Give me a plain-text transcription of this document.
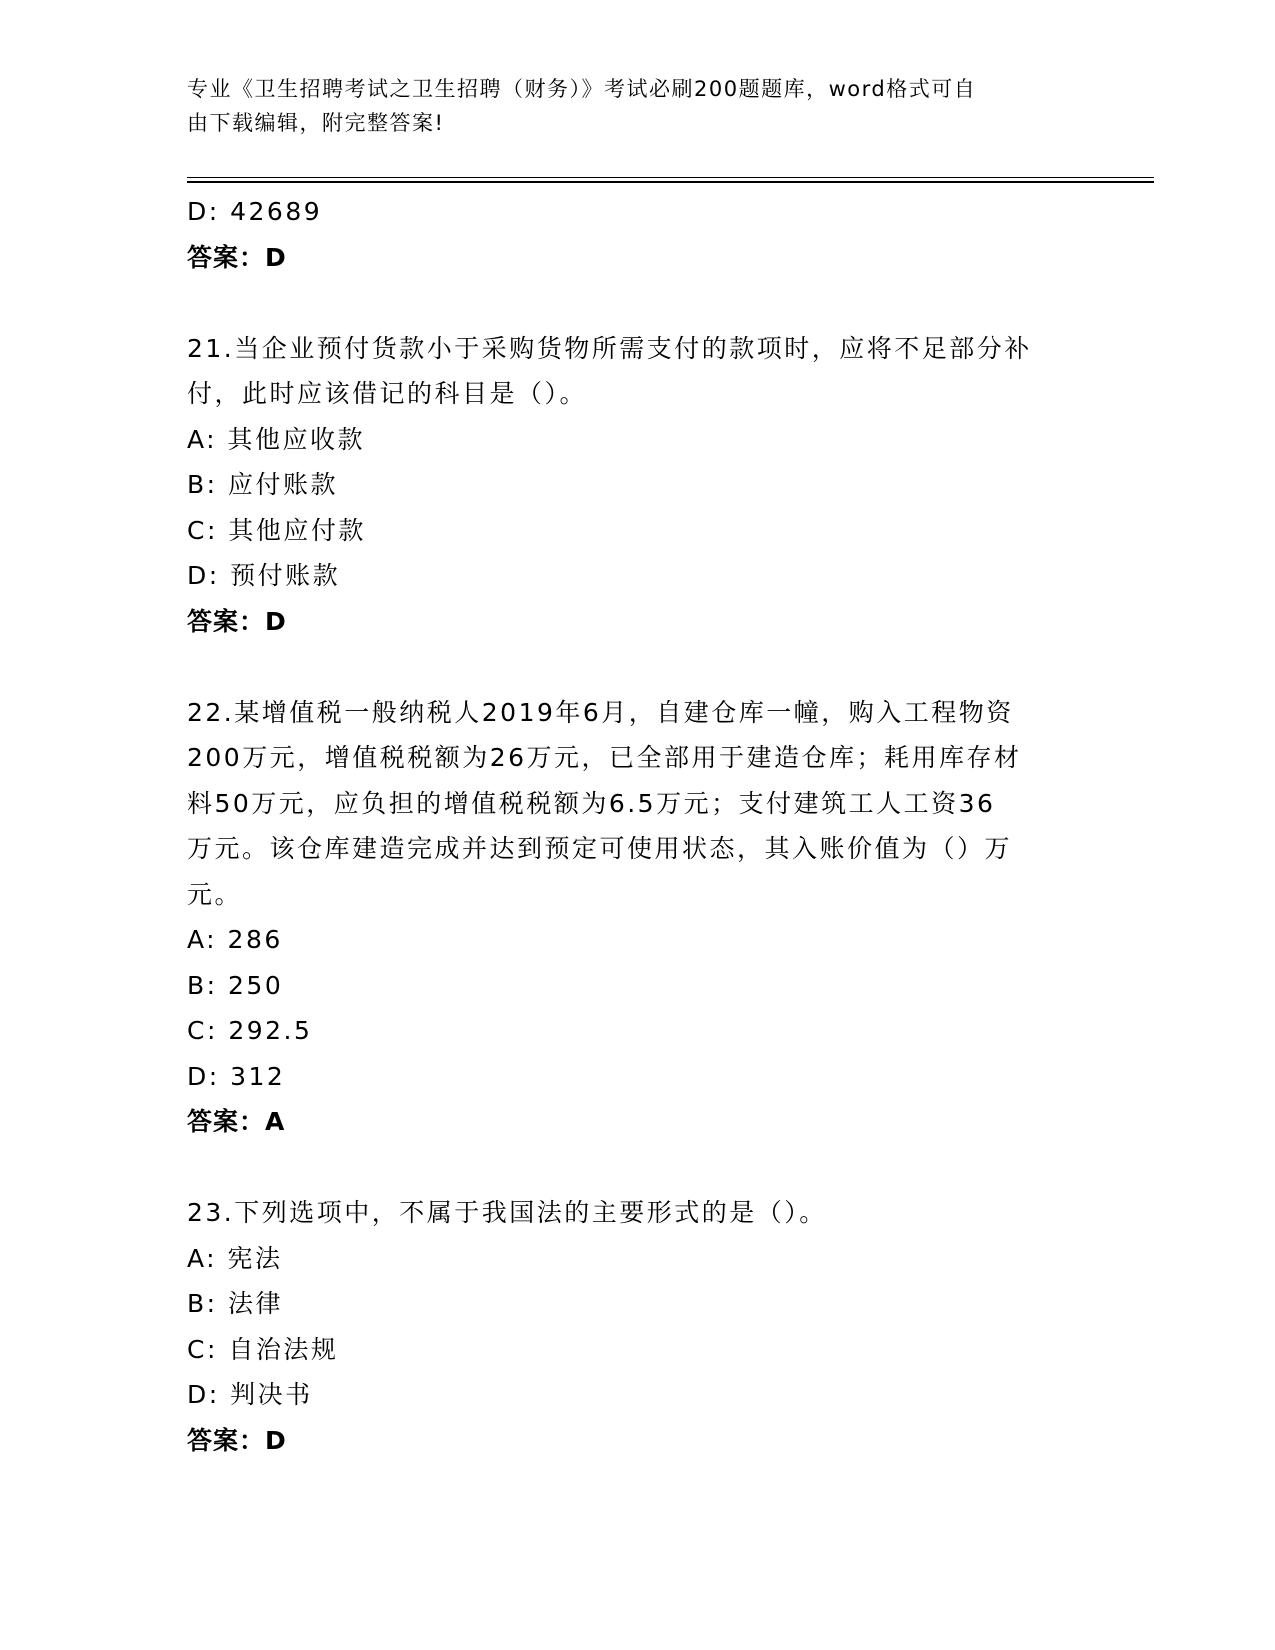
专业《卫生招聘考试之卫生招聘（财务）》考试必刷200题题库，word格式可自
由下载编辑，附完整答案!
D: 42689
答案：D
21.当企业预付货款小于采购货物所需支付的款项时，应将不足部分补
付，此时应该借记的科目是（）。
A: 其他应收款
B: 应付账款
C: 其他应付款
D: 预付账款
答案：D
22.某增值税一般纳税人2019年6月，自建仓库一幢，购入工程物资
200万元，增值税税额为26万元，已全部用于建造仓库；耗用库存材
料50万元，应负担的增值税税额为6.5万元；支付建筑工人工资36
万元。该仓库建造完成并达到预定可使用状态，其入账价值为（）万
元。
A: 286
B: 250
C: 292.5
D: 312
答案：A
23.下列选项中，不属于我国法的主要形式的是（）。
A: 宪法
B: 法律
C: 自治法规
D: 判决书
答案：D
